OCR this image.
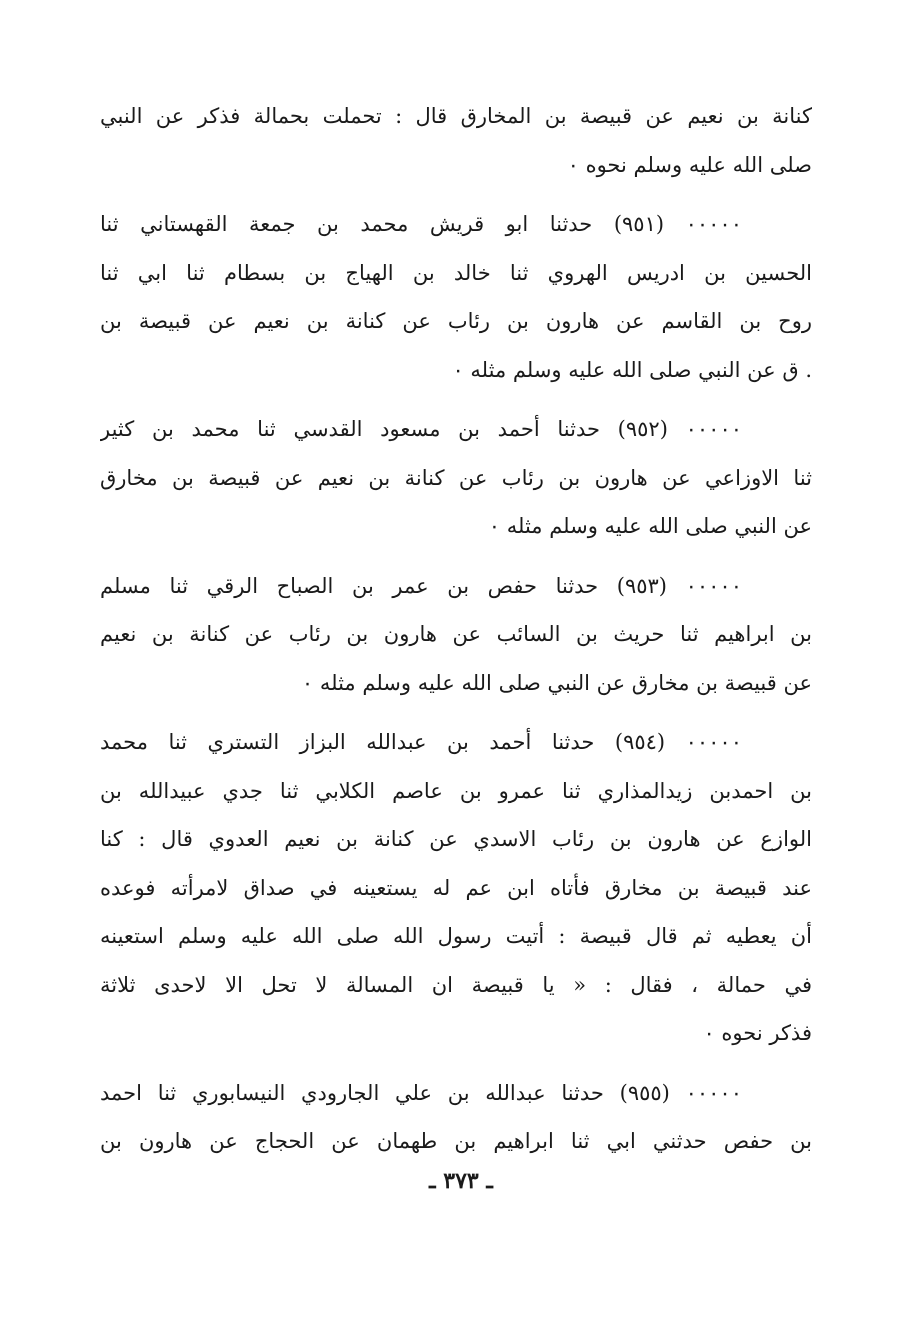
كنانة بن نعيم عن قبيصة بن المخارق قال : تحملت بحمالة فذكر عن النبي
صلى الله عليه وسلم نحوه ٠
٠٠٠٠٠ (٩٥١) حدثنا ابو قريش محمد بن جمعة القهستاني ثنا
الحسين بن ادريس الهروي ثنا خالد بن الهياج بن بسطام ثنا ابي ثنا
روح بن القاسم عن هارون بن رئاب عن كنانة بن نعيم عن قبيصة بن
. ق عن النبي صلى الله عليه وسلم مثله ٠
٠٠٠٠٠ (٩٥٢) حدثنا أحمد بن مسعود القدسي ثنا محمد بن كثير
ثنا الاوزاعي عن هارون بن رئاب عن كنانة بن نعيم عن قبيصة بن مخارق
عن النبي صلى الله عليه وسلم مثله ٠
٠٠٠٠٠ (٩٥٣) حدثنا حفص بن عمر بن الصباح الرقي ثنا مسلم
بن ابراهيم ثنا حريث بن السائب عن هارون بن رئاب عن كنانة بن نعيم
عن قبيصة بن مخارق عن النبي صلى الله عليه وسلم مثله ٠
٠٠٠٠٠ (٩٥٤) حدثنا أحمد بن عبدالله البزاز التستري ثنا محمد
بن احمدبن زيدالمذاري ثنا عمرو بن عاصم الكلابي ثنا جدي عبيدالله بن
الوازع عن هارون بن رئاب الاسدي عن كنانة بن نعيم العدوي قال : كنا
عند قبيصة بن مخارق فأتاه ابن عم له يستعينه في صداق لامرأته فوعده
أن يعطيه ثم قال قبيصة : أتيت رسول الله صلى الله عليه وسلم استعينه
في حمالة ، فقال : « يا قبيصة ان المسالة لا تحل الا لاحدى ثلاثة
فذكر نحوه ٠
٠٠٠٠٠ (٩٥٥) حدثنا عبدالله بن علي الجارودي النيسابوري ثنا احمد
بن حفص حدثني ابي ثنا ابراهيم بن طهمان عن الحجاج عن هارون بن
ـ ٣٧٣ ـ
